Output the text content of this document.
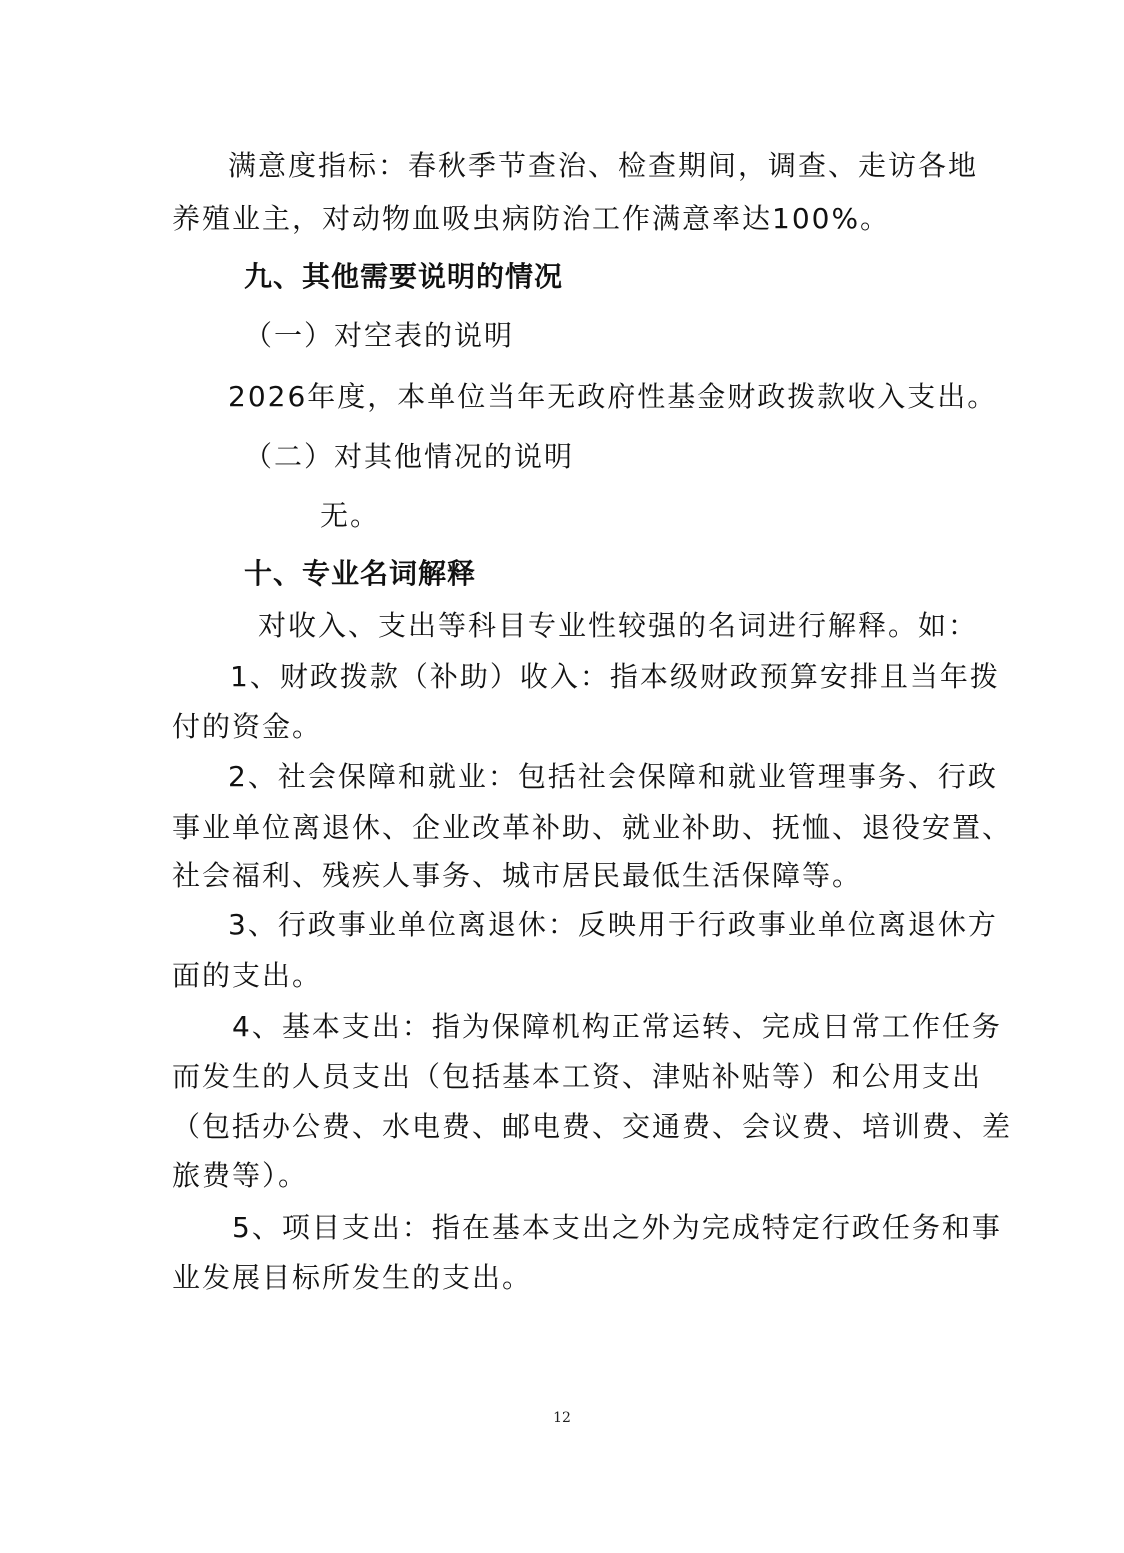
满意度指标：春秋季节查治、检查期间，调查、走访各地
养殖业主，对动物血吸虫病防治工作满意率达100%。
九、其他需要说明的情况
（一）对空表的说明
2026年度，本单位当年无政府性基金财政拨款收入支出。
（二）对其他情况的说明
无。
十、专业名词解释
对收入、支出等科目专业性较强的名词进行解释。如：
1、财政拨款（补助）收入：指本级财政预算安排且当年拨
付的资金。
2、社会保障和就业：包括社会保障和就业管理事务、行政
事业单位离退休、企业改革补助、就业补助、抚恤、退役安置、
社会福利、残疾人事务、城市居民最低生活保障等。
3、行政事业单位离退休：反映用于行政事业单位离退休方
面的支出。
4、基本支出：指为保障机构正常运转、完成日常工作任务
而发生的人员支出（包括基本工资、津贴补贴等）和公用支出
（包括办公费、水电费、邮电费、交通费、会议费、培训费、差
旅费等）。
5、项目支出：指在基本支出之外为完成特定行政任务和事
业发展目标所发生的支出。
12
